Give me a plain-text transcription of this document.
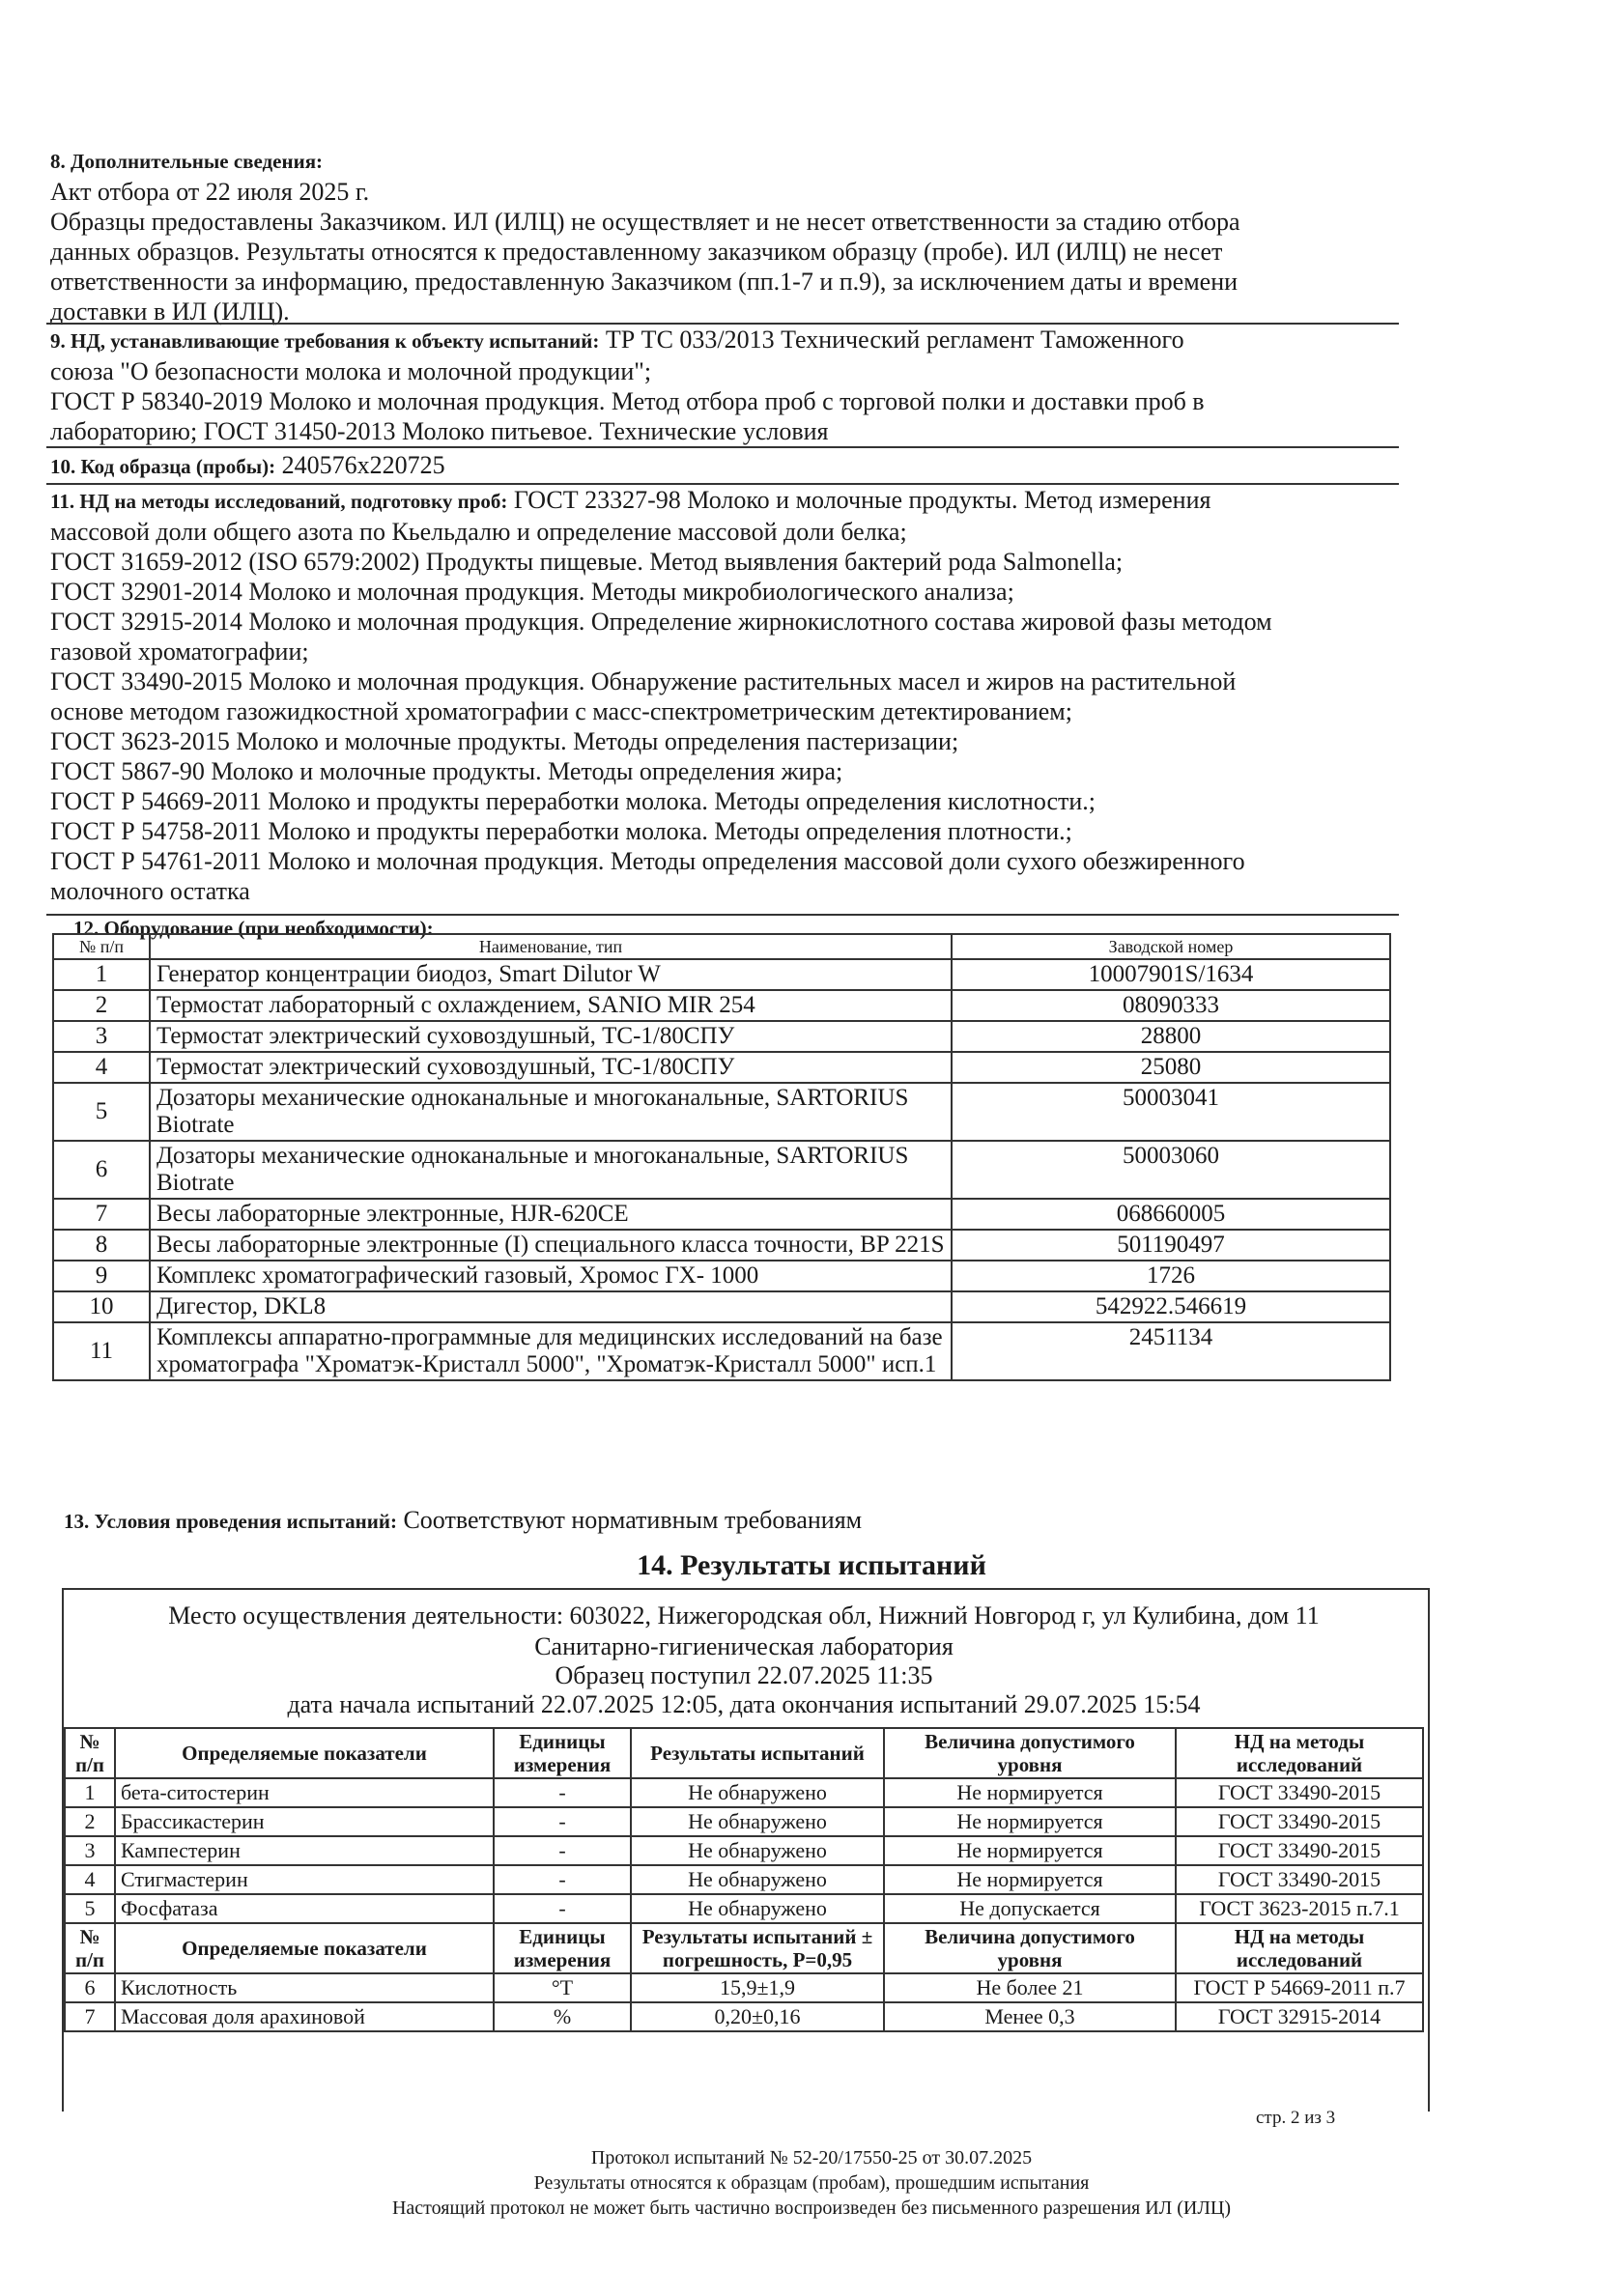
8. Дополнительные сведения:

Акт отбора от 22 июля 2025 г.

Образцы предоставлены Заказчиком. ИЛ (ИЛЦ) не осуществляет и не несет ответственности за стадию отбора

данных образцов. Результаты относятся к предоставленному заказчиком образцу (пробе). ИЛ (ИЛЦ) не несет

ответственности за информацию, предоставленную Заказчиком (пп.1-7 и п.9), за исключением даты и времени

доставки в ИЛ (ИЛЦ).

9. НД, устанавливающие требования к объекту испытаний: ТР ТС 033/2013 Технический регламент Таможенного

союза "О безопасности молока и молочной продукции";

ГОСТ Р 58340-2019 Молоко и молочная продукция. Метод отбора проб с торговой полки и доставки проб в

лабораторию; ГОСТ 31450-2013 Молоко питьевое. Технические условия

10. Код образца (пробы): 240576х220725

11. НД на методы исследований, подготовку проб: ГОСТ 23327-98 Молоко и молочные продукты. Метод измерения

массовой доли общего азота по Кьельдалю и определение массовой доли белка;

ГОСТ 31659-2012 (ISO 6579:2002) Продукты пищевые. Метод выявления бактерий рода Salmonella;

ГОСТ 32901-2014 Молоко и молочная продукция. Методы микробиологического анализа;

ГОСТ 32915-2014 Молоко и молочная продукция. Определение жирнокислотного состава жировой фазы методом

газовой хроматографии;

ГОСТ 33490-2015 Молоко и молочная продукция. Обнаружение растительных масел и жиров на растительной

основе методом газожидкостной хроматографии с масс-спектрометрическим детектированием;

ГОСТ 3623-2015 Молоко и молочные продукты. Методы определения пастеризации;

ГОСТ 5867-90 Молоко и молочные продукты. Методы определения жира;

ГОСТ Р 54669-2011 Молоко и продукты переработки молока. Методы определения кислотности.;

ГОСТ Р 54758-2011 Молоко и продукты переработки молока. Методы определения плотности.;

ГОСТ Р 54761-2011 Молоко и молочная продукция. Методы определения массовой доли сухого обезжиренного

молочного остатка

12. Оборудование (при необходимости):

№ п/п	Наименование, тип	Заводской номер
1	Генератор концентрации биодоз, Smart Dilutor W	10007901S/1634
2	Термостат лабораторный с охлаждением, SANIO MIR 254	08090333
3	Термостат электрический суховоздушный, ТС-1/80СПУ	28800
4	Термостат электрический суховоздушный, ТС-1/80СПУ	25080
5	Дозаторы механические одноканальные и многоканальные, SARTORIUS Biotrate	50003041
6	Дозаторы механические одноканальные и многоканальные, SARTORIUS Biotrate	50003060
7	Весы лабораторные электронные, HJR-620CE	068660005
8	Весы лабораторные электронные (I) специального класса точности, BP 221S	501190497
9	Комплекс хроматографический газовый, Хромос ГХ- 1000	1726
10	Дигестор, DKL8	542922.546619
11	Комплексы аппаратно-программные для медицинских исследований на базе хроматографа "Хроматэк-Кристалл 5000", "Хроматэк-Кристалл 5000" исп.1	2451134

13. Условия проведения испытаний: Соответствуют нормативным требованиям

14. Результаты испытаний
Место осуществления деятельности: 603022, Нижегородская обл, Нижний Новгород г, ул Кулибина, дом 11
Санитарно-гигиеническая лаборатория
Образец поступил 22.07.2025 11:35
дата начала испытаний 22.07.2025 12:05, дата окончания испытаний 29.07.2025 15:54
№ п/п	Определяемые показатели	Единицы измерения	Результаты испытаний	Величина допустимого уровня	НД на методы исследований
1	бета-ситостерин	-	Не обнаружено	Не нормируется	ГОСТ 33490-2015
2	Брассикастерин	-	Не обнаружено	Не нормируется	ГОСТ 33490-2015
3	Кампестерин	-	Не обнаружено	Не нормируется	ГОСТ 33490-2015
4	Стигмастерин	-	Не обнаружено	Не нормируется	ГОСТ 33490-2015
5	Фосфатаза	-	Не обнаружено	Не допускается	ГОСТ 3623-2015 п.7.1
№ п/п	Определяемые показатели	Единицы измерения	Результаты испытаний ± погрешность, Р=0,95	Величина допустимого уровня	НД на методы исследований
6	Кислотность	°Т	15,9±1,9	Не более 21	ГОСТ Р 54669-2011 п.7
7	Массовая доля арахиновой	%	0,20±0,16	Менее 0,3	ГОСТ 32915-2014
стр. 2 из 3
Протокол испытаний № 52-20/17550-25 от 30.07.2025
Результаты относятся к образцам (пробам), прошедшим испытания
Настоящий протокол не может быть частично воспроизведен без письменного разрешения ИЛ (ИЛЦ)
